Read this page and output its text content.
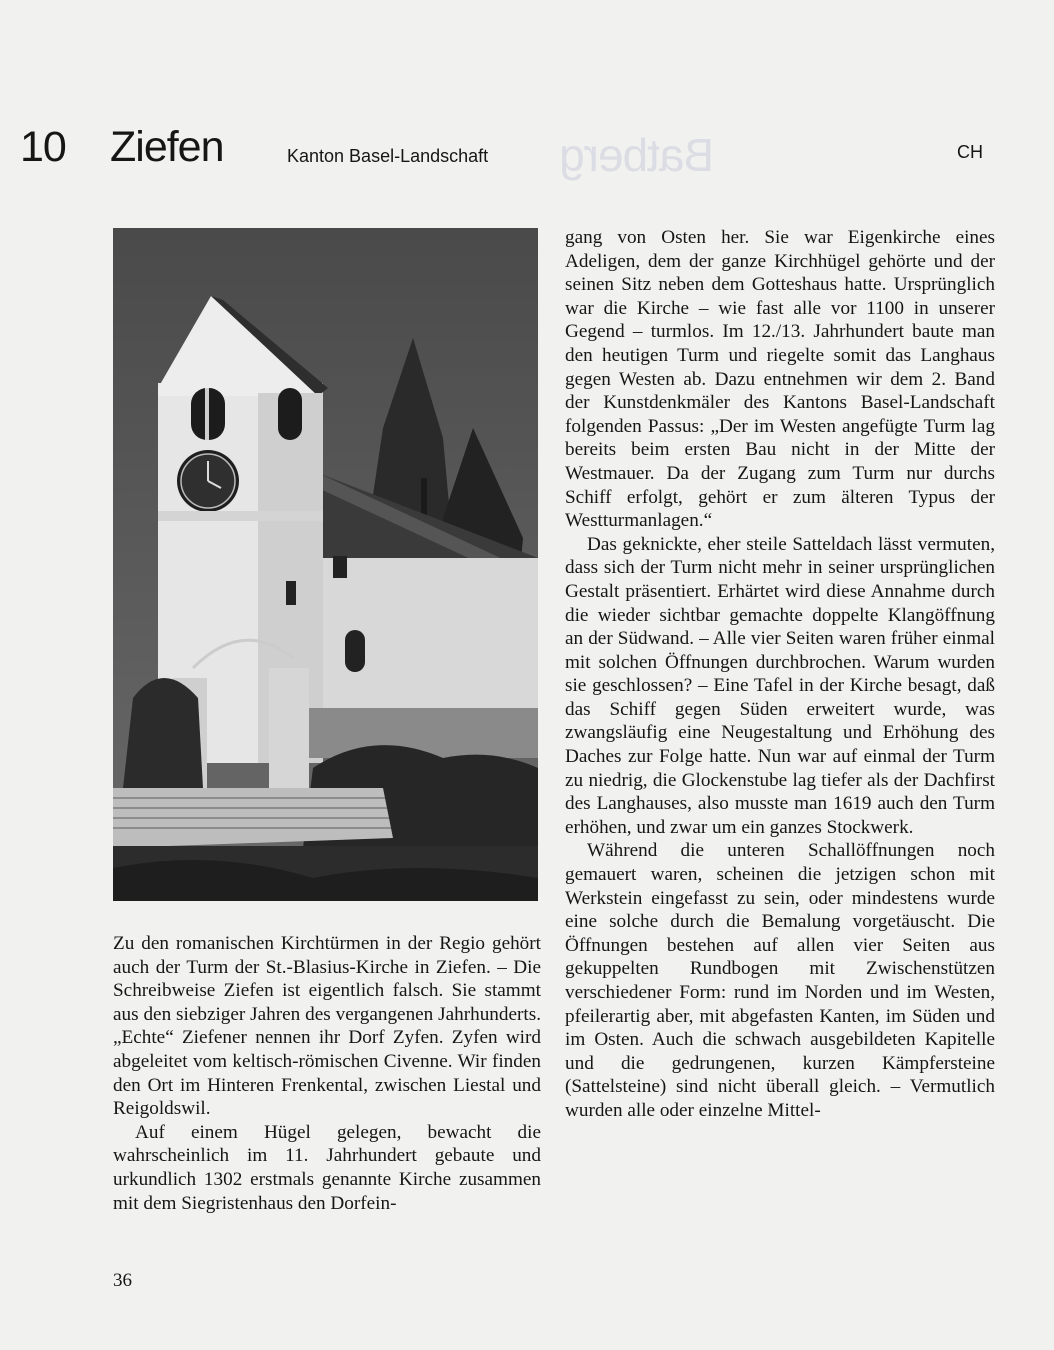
Batberg
10 Ziefen	Kanton Basel-Landschaft	CH

Zu den romanischen Kirchtürmen in der Regio gehört auch der Turm der St.-Blasius-Kirche in Ziefen. – Die Schreibweise Ziefen ist eigentlich falsch. Sie stammt aus den siebziger Jahren des vergangenen Jahrhunderts. „Echte“ Ziefener nennen ihr Dorf Zyfen. Zyfen wird abgeleitet vom keltisch-römischen Civenne. Wir finden den Ort im Hinteren Frenkental, zwischen Liestal und Reigoldswil.

Auf einem Hügel gelegen, bewacht die wahrscheinlich im 11. Jahrhundert gebaute und urkundlich 1302 erstmals genannte Kirche zusammen mit dem Siegristenhaus den Dorfein-

gang von Osten her. Sie war Eigenkirche eines Adeligen, dem der ganze Kirchhügel gehörte und der seinen Sitz neben dem Gotteshaus hatte. Ursprünglich war die Kirche – wie fast alle vor 1100 in unserer Gegend – turmlos. Im 12./13. Jahrhundert baute man den heutigen Turm und riegelte somit das Langhaus gegen Westen ab. Dazu entnehmen wir dem 2. Band der Kunstdenkmäler des Kantons Basel-Landschaft folgenden Passus: „Der im Westen angefügte Turm lag bereits beim ersten Bau nicht in der Mitte der Westmauer. Da der Zugang zum Turm nur durchs Schiff erfolgt, gehört er zum älteren Typus der Westturmanlagen.“

Das geknickte, eher steile Satteldach lässt vermuten, dass sich der Turm nicht mehr in seiner ursprünglichen Gestalt präsentiert. Erhärtet wird diese Annahme durch die wieder sichtbar gemachte doppelte Klangöffnung an der Südwand. – Alle vier Seiten waren früher einmal mit solchen Öffnungen durchbrochen. Warum wurden sie geschlossen? – Eine Tafel in der Kirche besagt, daß das Schiff gegen Süden erweitert wurde, was zwangsläufig eine Neugestaltung und Erhöhung des Daches zur Folge hatte. Nun war auf einmal der Turm zu niedrig, die Glockenstube lag tiefer als der Dachfirst des Langhauses, also musste man 1619 auch den Turm erhöhen, und zwar um ein ganzes Stockwerk.

Während die unteren Schallöffnungen noch gemauert waren, scheinen die jetzigen schon mit Werkstein eingefasst zu sein, oder mindestens wurde eine solche durch die Bemalung vorgetäuscht. Die Öffnungen bestehen auf allen vier Seiten aus gekuppelten Rundbogen mit Zwischenstützen verschiedener Form: rund im Norden und im Westen, pfeilerartig aber, mit abgefasten Kanten, im Süden und im Osten. Auch die schwach ausgebildeten Kapitelle und die gedrungenen, kurzen Kämpfersteine (Sattelsteine) sind nicht überall gleich. – Vermutlich wurden alle oder einzelne Mittel-

36
